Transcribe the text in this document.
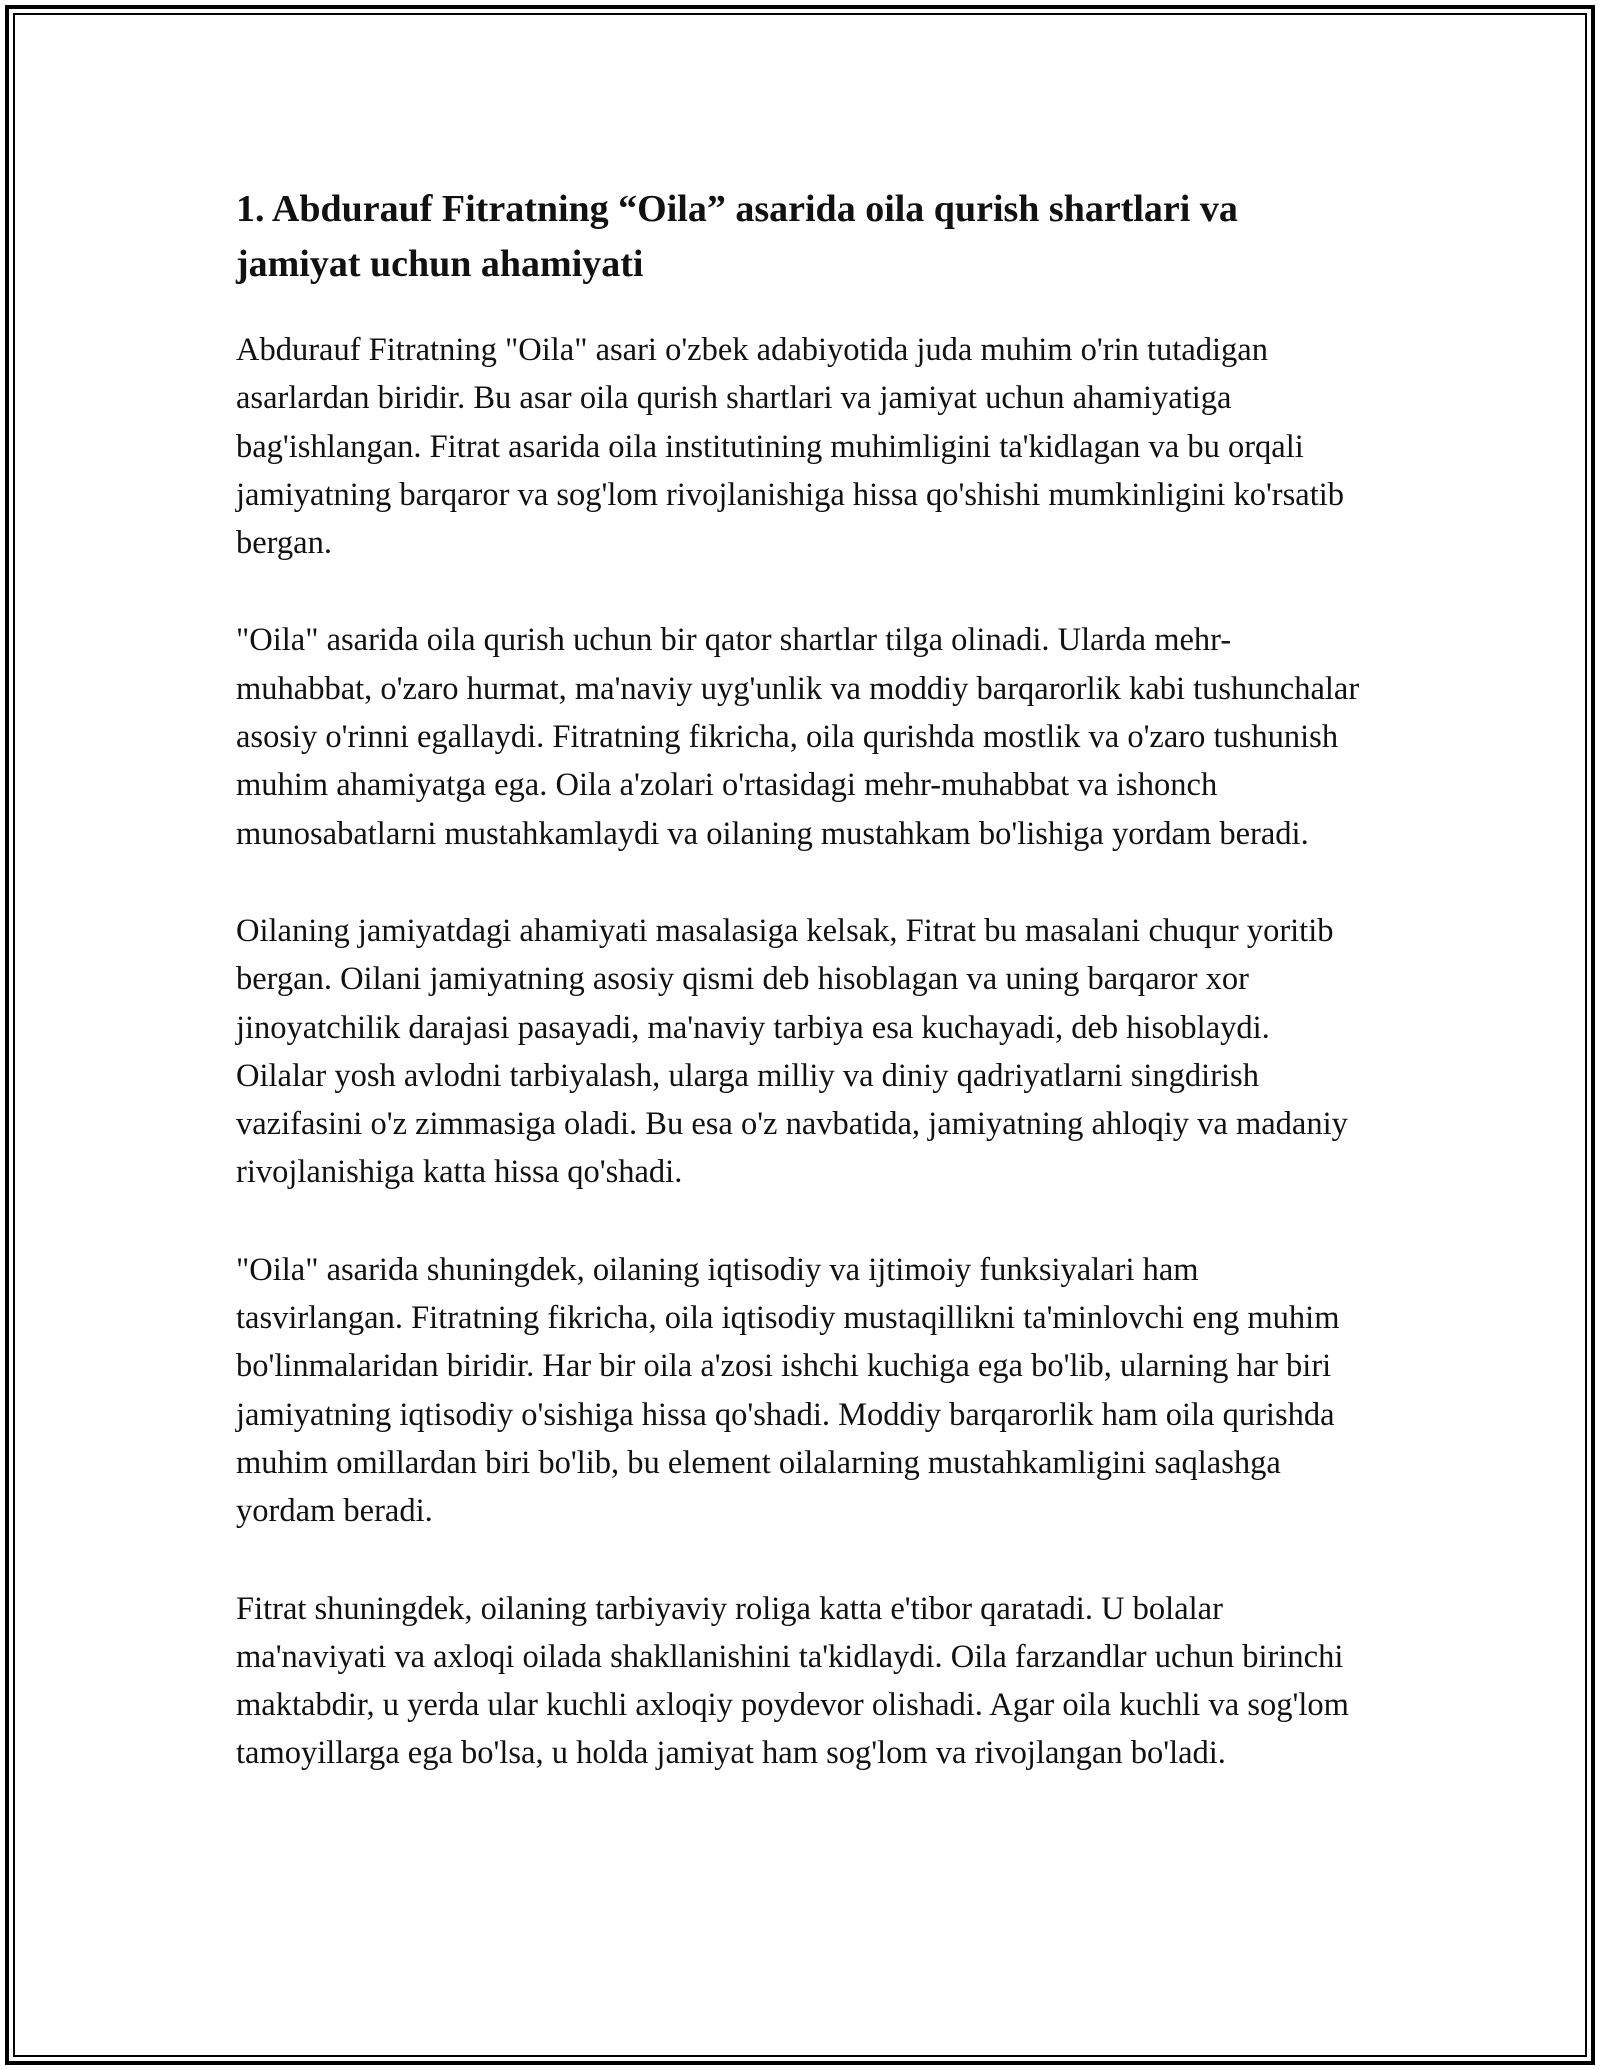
1. Abdurauf Fitratning “Oila” asarida oila qurish shartlari va jamiyat uchun ahamiyati

Abdurauf Fitratning "Oila" asari o'zbek adabiyotida juda muhim o'rin tutadigan asarlardan biridir. Bu asar oila qurish shartlari va jamiyat uchun ahamiyatiga bag'ishlangan. Fitrat asarida oila institutining muhimligini ta'kidlagan va bu orqali jamiyatning barqaror va sog'lom rivojlanishiga hissa qo'shishi mumkinligini ko'rsatib bergan.

"Oila" asarida oila qurish uchun bir qator shartlar tilga olinadi. Ularda mehr-muhabbat, o'zaro hurmat, ma'naviy uyg'unlik va moddiy barqarorlik kabi tushunchalar asosiy o'rinni egallaydi. Fitratning fikricha, oila qurishda mostlik va o'zaro tushunish muhim ahamiyatga ega. Oila a'zolari o'rtasidagi mehr-muhabbat va ishonch munosabatlarni mustahkamlaydi va oilaning mustahkam bo'lishiga yordam beradi.

Oilaning jamiyatdagi ahamiyati masalasiga kelsak, Fitrat bu masalani chuqur yoritib bergan. Oilani jamiyatning asosiy qismi deb hisoblagan va uning barqaror xor jinoyatchilik darajasi pasayadi, ma'naviy tarbiya esa kuchayadi, deb hisoblaydi. Oilalar yosh avlodni tarbiyalash, ularga milliy va diniy qadriyatlarni singdirish vazifasini o'z zimmasiga oladi. Bu esa o'z navbatida, jamiyatning ahloqiy va madaniy rivojlanishiga katta hissa qo'shadi.

"Oila" asarida shuningdek, oilaning iqtisodiy va ijtimoiy funksiyalari ham tasvirlangan. Fitratning fikricha, oila iqtisodiy mustaqillikni ta'minlovchi eng muhim bo'linmalaridan biridir. Har bir oila a'zosi ishchi kuchiga ega bo'lib, ularning har biri jamiyatning iqtisodiy o'sishiga hissa qo'shadi. Moddiy barqarorlik ham oila qurishda muhim omillardan biri bo'lib, bu element oilalarning mustahkamligini saqlashga yordam beradi.

Fitrat shuningdek, oilaning tarbiyaviy roliga katta e'tibor qaratadi. U bolalar ma'naviyati va axloqi oilada shakllanishini ta'kidlaydi. Oila farzandlar uchun birinchi maktabdir, u yerda ular kuchli axloqiy poydevor olishadi. Agar oila kuchli va sog'lom tamoyillarga ega bo'lsa, u holda jamiyat ham sog'lom va rivojlangan bo'ladi.
